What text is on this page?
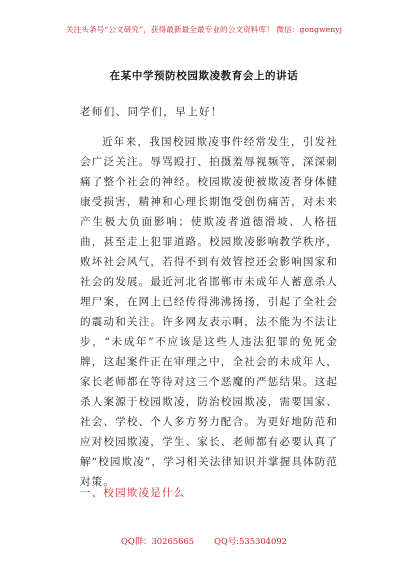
关注头条号“公文研究”，获得最新最全最专业的公文资料库！ 微信：gongwenyj
在某中学预防校园欺凌教育会上的讲话
老师们、同学们，早上好！

近年来，我国校园欺凌事件经常发生，引发社会广泛关注。辱骂殴打、拍摄羞辱视频等，深深刺痛了整个社会的神经。校园欺凌使被欺凌者身体健康受损害，精神和心理长期饱受创伤痛苦，对未来产生极大负面影响；使欺凌者道德滑坡、人格扭曲，甚至走上犯罪道路。校园欺凌影响教学秩序，败坏社会风气，若得不到有效管控还会影响国家和社会的发展。最近河北省邯郸市未成年人蓄意杀人埋尸案，在网上已经传得沸沸扬扬，引起了全社会的震动和关注。许多网友表示啊，法不能为不法让步，“未成年”不应该是这些人违法犯罪的免死金牌，这起案件正在审理之中，全社会的未成年人，家长老师都在等待对这三个恶魔的严惩结果。这起杀人案源于校园欺凌，防治校园欺凌，需要国家、社会、学校、个人多方努力配合。为更好地防范和应对校园欺凌，学生、家长、老师都有必要认真了解“校园欺凌”，学习相关法律知识并掌握具体防范对策。

一、校园欺凌是什么
QQ群：30265665 QQ号:535304092
